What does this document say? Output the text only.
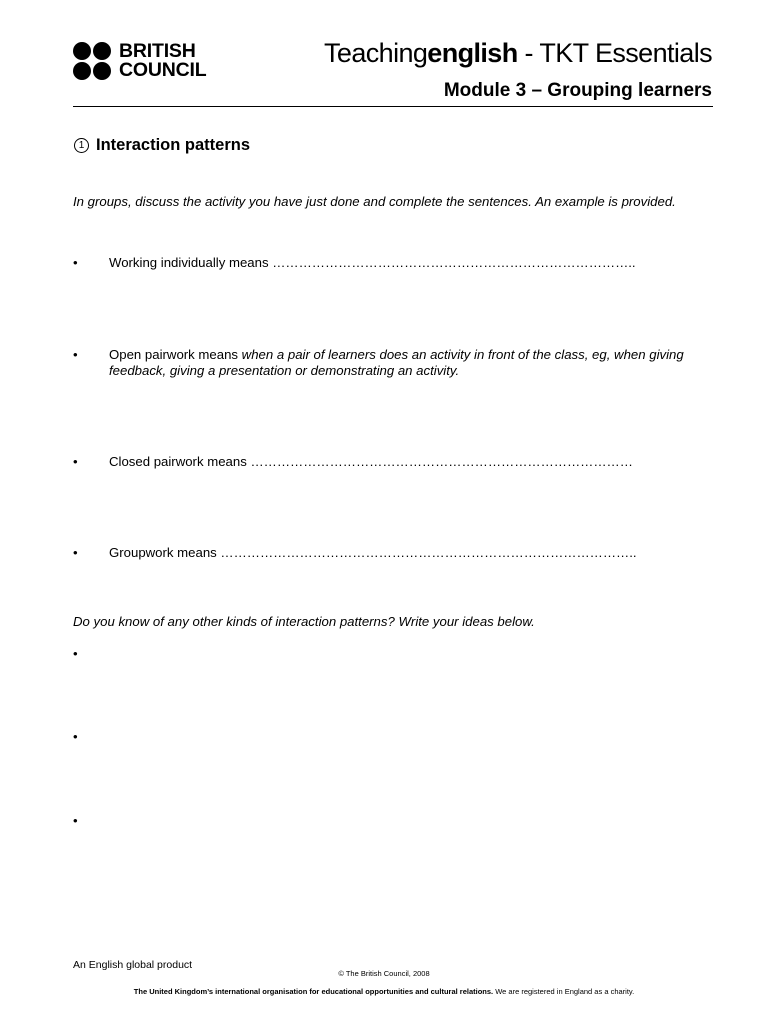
BRITISH
COUNCIL
Teachingenglish - TKT Essentials
Module 3 – Grouping learners
1 Interaction patterns
In groups, discuss the activity you have just done and complete the sentences. An example is provided.
•	Working individually means ………………………………………………………………………..
•	Open pairwork means when a pair of learners does an activity in front of the class, eg, when giving feedback, giving a presentation or demonstrating an activity.
•	Closed pairwork means ……………………………………………………………………………
•	Groupwork means …………………………………………………………………………………..
Do you know of any other kinds of interaction patterns? Write your ideas below.
•
•
•
An English global product
© The British Council, 2008
The United Kingdom’s international organisation for educational opportunities and cultural relations. We are registered in England as a charity.
